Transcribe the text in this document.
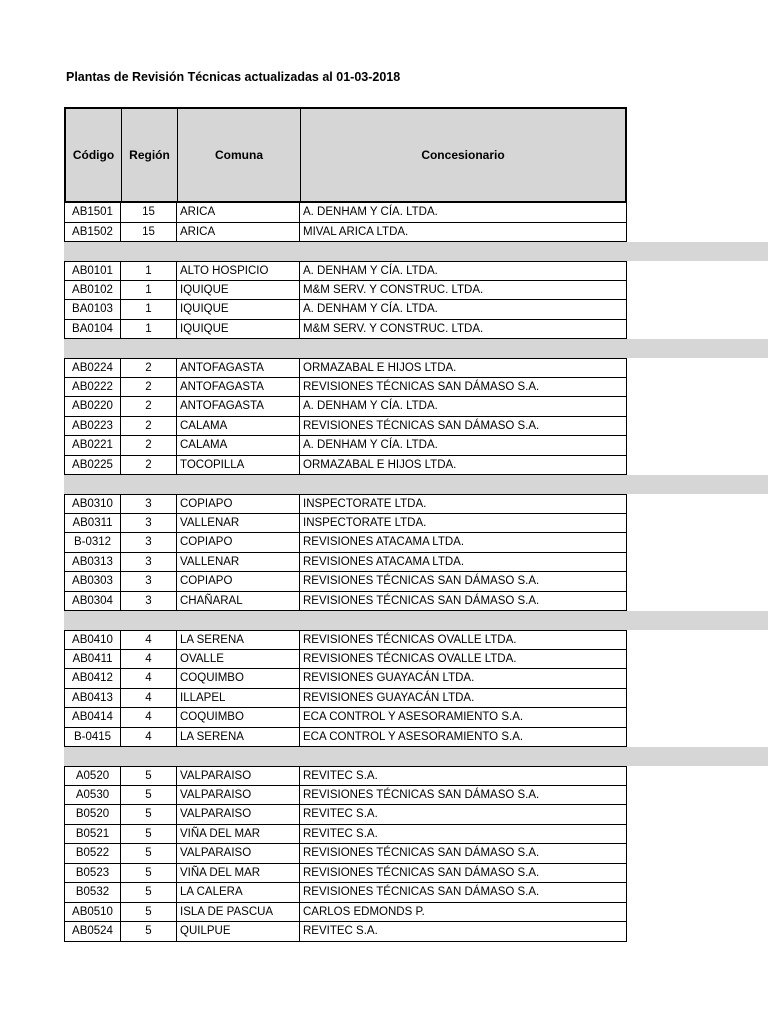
Plantas de Revisión Técnicas actualizadas al 01-03-2018
Código	Región	Comuna	Concesionario
AB1501	15	ARICA	A. DENHAM Y CÍA. LTDA.
AB1502	15	ARICA	MIVAL ARICA LTDA.
AB0101	1	ALTO HOSPICIO	A. DENHAM Y CÍA. LTDA.
AB0102	1	IQUIQUE	M&M SERV. Y CONSTRUC. LTDA.
BA0103	1	IQUIQUE	A. DENHAM Y CÍA. LTDA.
BA0104	1	IQUIQUE	M&M SERV. Y CONSTRUC. LTDA.
AB0224	2	ANTOFAGASTA	ORMAZABAL E HIJOS LTDA.
AB0222	2	ANTOFAGASTA	REVISIONES TÉCNICAS SAN DÁMASO S.A.
AB0220	2	ANTOFAGASTA	A. DENHAM Y CÍA. LTDA.
AB0223	2	CALAMA	REVISIONES TÉCNICAS SAN DÁMASO S.A.
AB0221	2	CALAMA	A. DENHAM Y CÍA. LTDA.
AB0225	2	TOCOPILLA	ORMAZABAL E HIJOS LTDA.
AB0310	3	COPIAPO	INSPECTORATE LTDA.
AB0311	3	VALLENAR	INSPECTORATE LTDA.
B-0312	3	COPIAPO	REVISIONES ATACAMA LTDA.
AB0313	3	VALLENAR	REVISIONES ATACAMA LTDA.
AB0303	3	COPIAPO	REVISIONES TÉCNICAS SAN DÁMASO S.A.
AB0304	3	CHAÑARAL	REVISIONES TÉCNICAS SAN DÁMASO S.A.
AB0410	4	LA SERENA	REVISIONES TÉCNICAS OVALLE LTDA.
AB0411	4	OVALLE	REVISIONES TÉCNICAS OVALLE LTDA.
AB0412	4	COQUIMBO	REVISIONES GUAYACÁN LTDA.
AB0413	4	ILLAPEL	REVISIONES GUAYACÁN LTDA.
AB0414	4	COQUIMBO	ECA CONTROL Y ASESORAMIENTO S.A.
B-0415	4	LA SERENA	ECA CONTROL Y ASESORAMIENTO S.A.
A0520	5	VALPARAISO	REVITEC S.A.
A0530	5	VALPARAISO	REVISIONES TÉCNICAS SAN DÁMASO S.A.
B0520	5	VALPARAISO	REVITEC S.A.
B0521	5	VIÑA DEL MAR	REVITEC S.A.
B0522	5	VALPARAISO	REVISIONES TÉCNICAS SAN DÁMASO S.A.
B0523	5	VIÑA DEL MAR	REVISIONES TÉCNICAS SAN DÁMASO S.A.
B0532	5	LA CALERA	REVISIONES TÉCNICAS SAN DÁMASO S.A.
AB0510	5	ISLA DE PASCUA	CARLOS EDMONDS P.
AB0524	5	QUILPUE	REVITEC S.A.
